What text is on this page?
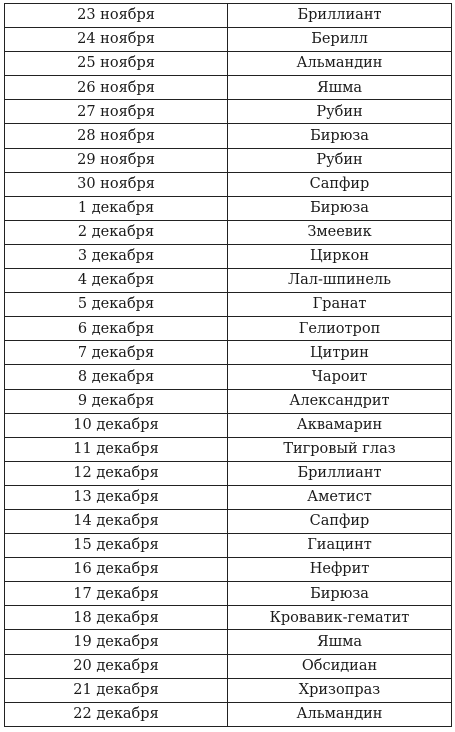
23 ноября	Бриллиант
24 ноября	Берилл
25 ноября	Альмандин
26 ноября	Яшма
27 ноября	Рубин
28 ноября	Бирюза
29 ноября	Рубин
30 ноября	Сапфир
1 декабря	Бирюза
2 декабря	Змеевик
3 декабря	Циркон
4 декабря	Лал-шпинель
5 декабря	Гранат
6 декабря	Гелиотроп
7 декабря	Цитрин
8 декабря	Чароит
9 декабря	Александрит
10 декабря	Аквамарин
11 декабря	Тигровый глаз
12 декабря	Бриллиант
13 декабря	Аметист
14 декабря	Сапфир
15 декабря	Гиацинт
16 декабря	Нефрит
17 декабря	Бирюза
18 декабря	Кровавик-гематит
19 декабря	Яшма
20 декабря	Обсидиан
21 декабря	Хризопраз
22 декабря	Альмандин
